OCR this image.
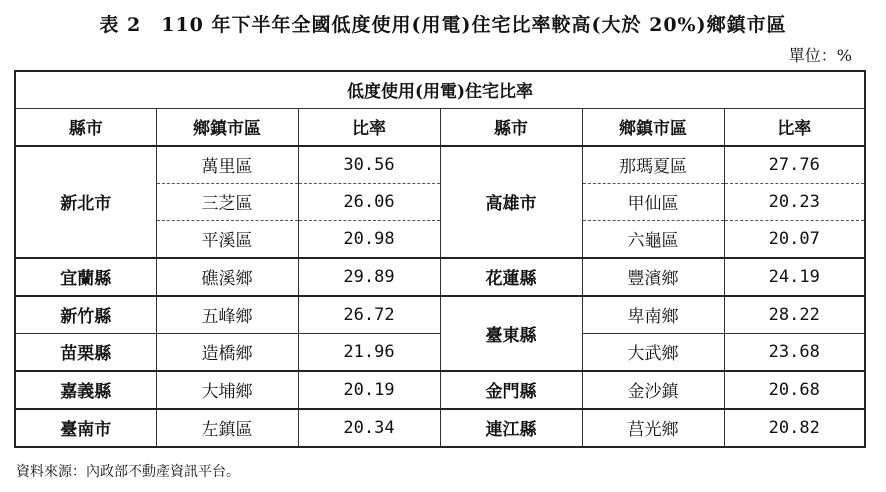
表 2　110 年下半年全國低度使用(用電)住宅比率較高(大於 20%)鄉鎮市區
單位：%
低度使用(用電)住宅比率					
縣市	鄉鎮市區	比率	縣市	鄉鎮市區	比率
新北市	萬里區	30.56	高雄市	那瑪夏區	27.76
	三芝區	26.06		甲仙區	20.23
	平溪區	20.98		六龜區	20.07
宜蘭縣	礁溪鄉	29.89	花蓮縣	豐濱鄉	24.19
新竹縣	五峰鄉	26.72	臺東縣	卑南鄉	28.22
苗栗縣	造橋鄉	21.96		大武鄉	23.68
嘉義縣	大埔鄉	20.19	金門縣	金沙鎮	20.68
臺南市	左鎮區	20.34	連江縣	莒光鄉	20.82
資料來源：內政部不動產資訊平台。
